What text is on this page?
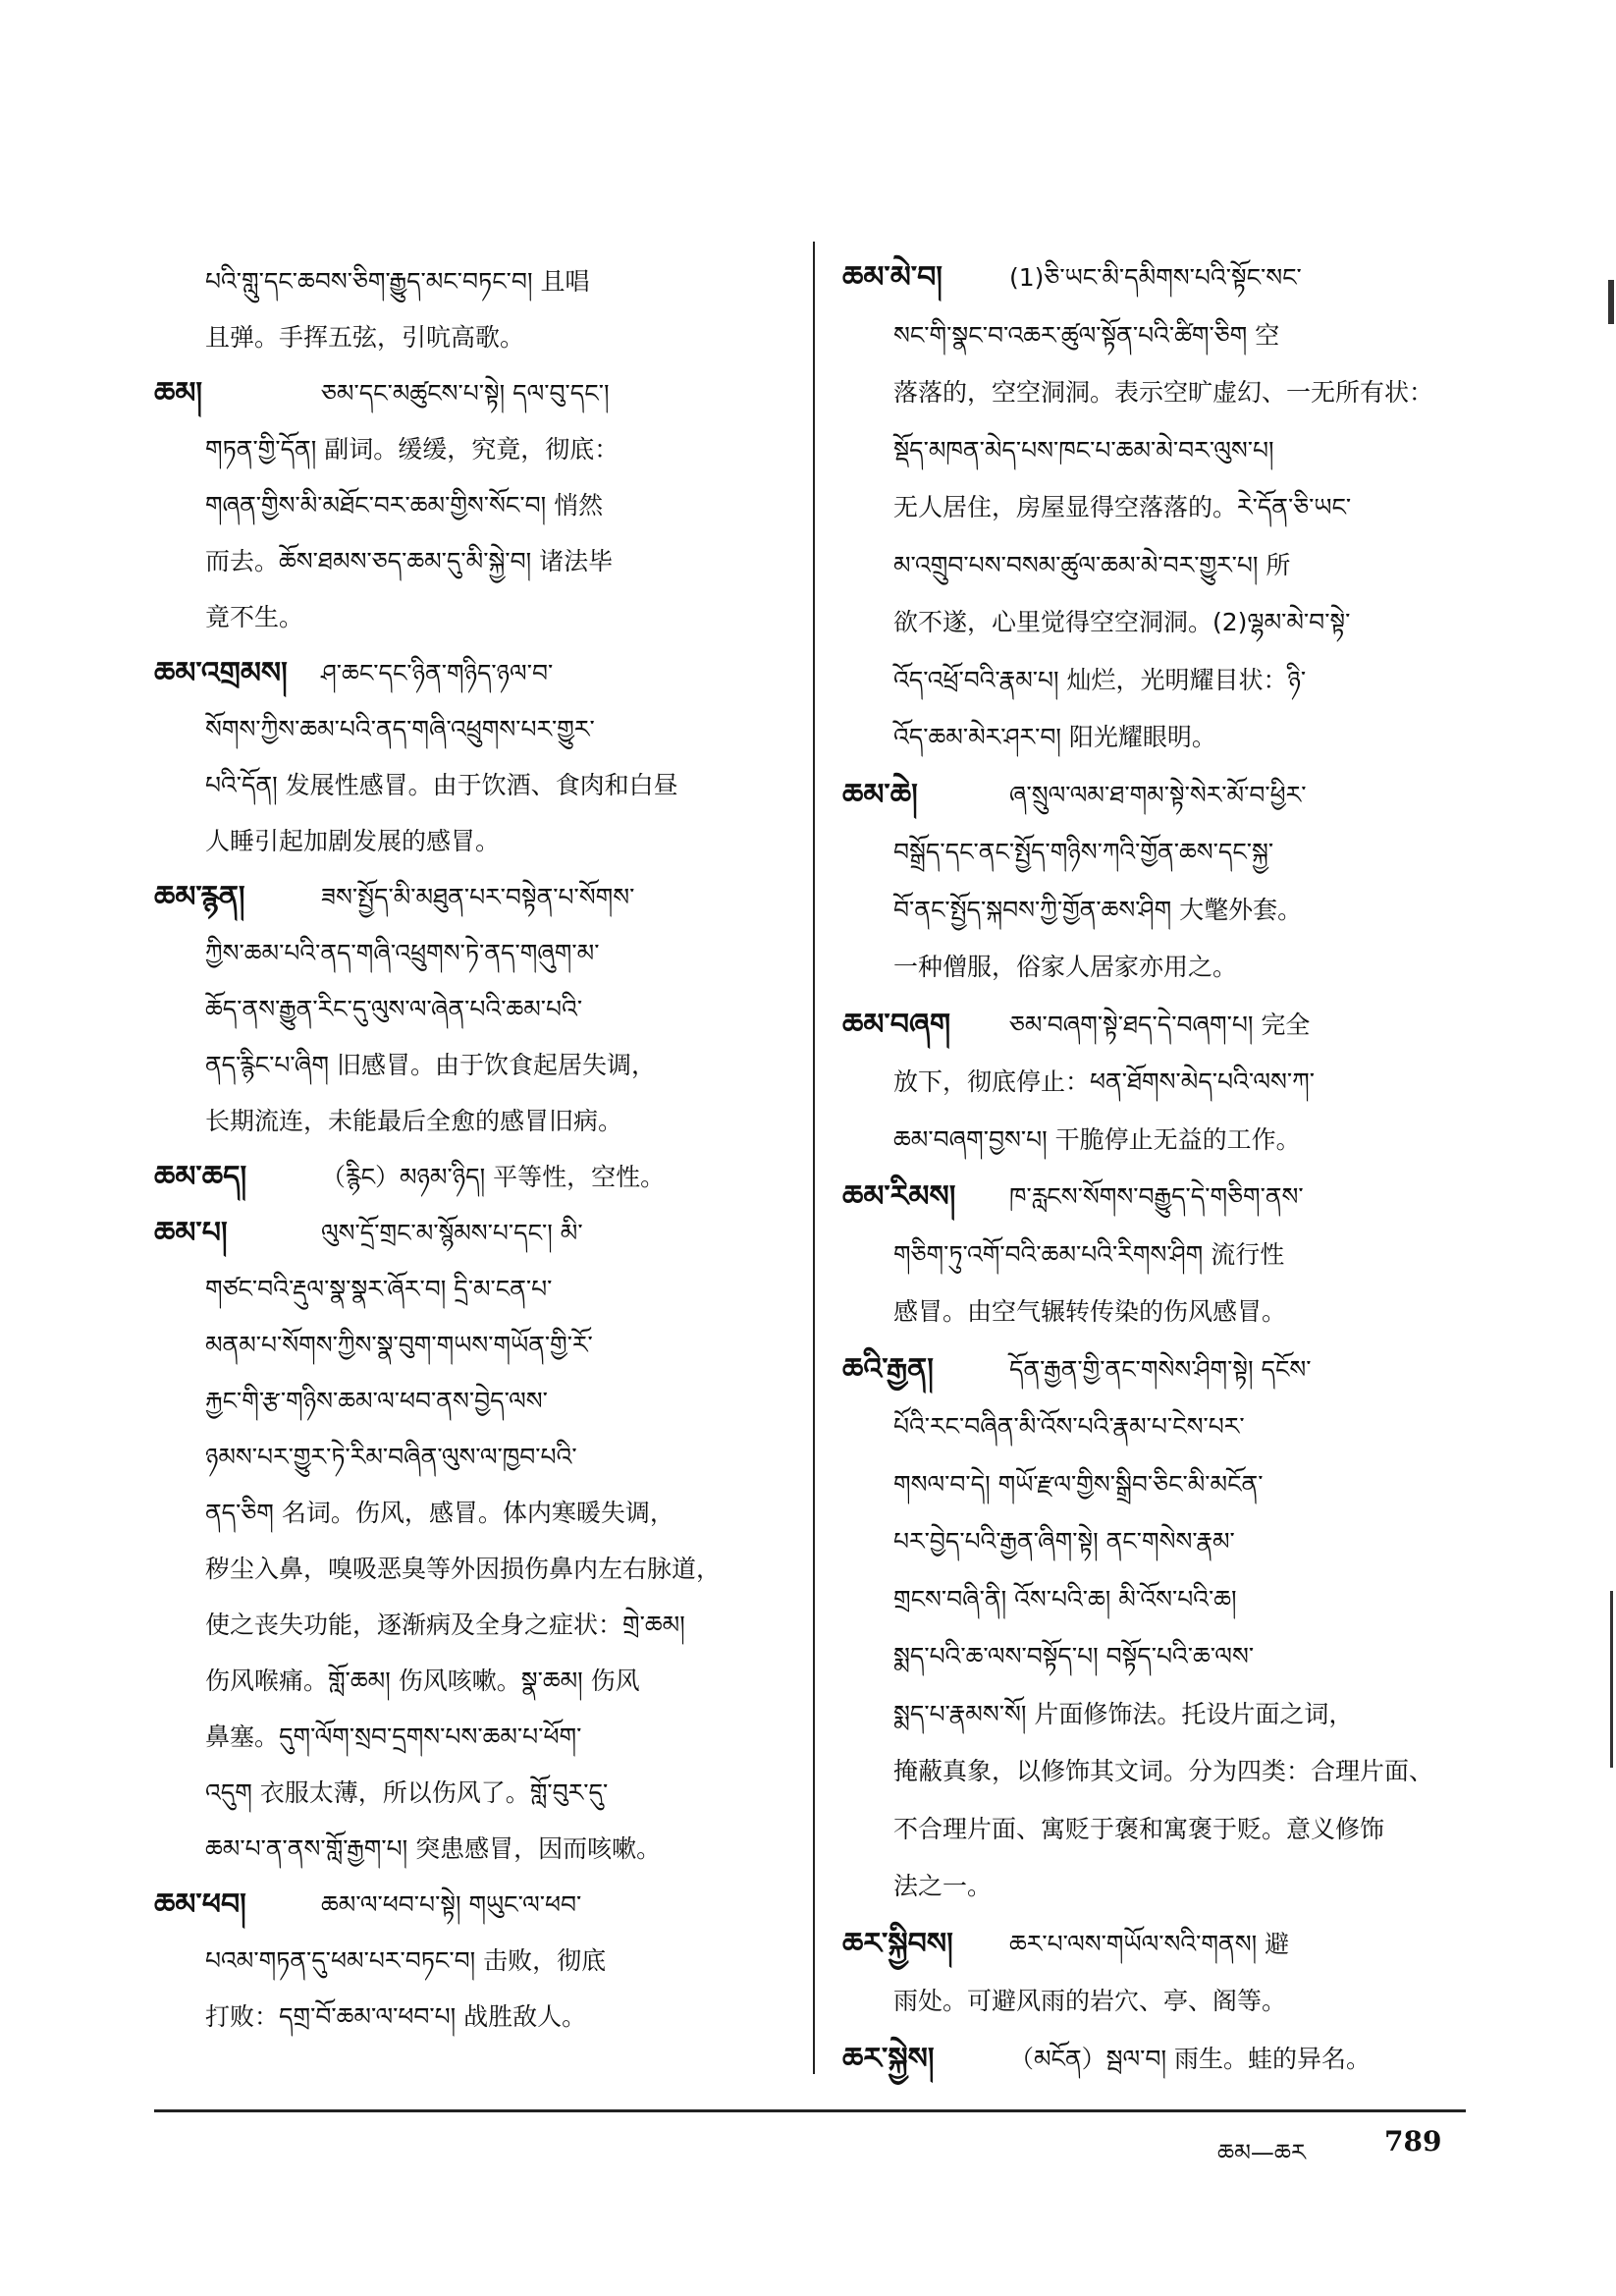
པའི་གླུ་དང་ཆབས་ཅིག་རྒྱུད་མང་བཏང་བ། 且唱
且弹。手挥五弦，引吭高歌。
ཆམ།	ཅམ་དང་མཚུངས་པ་སྟེ། དལ་བུ་དང་།
གཏན་གྱི་དོན། 副词。缓缓，究竟，彻底：
གཞན་གྱིས་མི་མཐོང་བར་ཆམ་གྱིས་སོང་བ། 悄然
而去。ཆོས་ཐམས་ཅད་ཆམ་དུ་མི་སྐྱེ་བ། 诸法毕
竟不生。
ཆམ་འགྲམས།	ཤ་ཆང་དང་ཉིན་གཉིད་ཉལ་བ་
སོགས་ཀྱིས་ཆམ་པའི་ནད་གཞི་འཕྲུགས་པར་གྱུར་
པའི་དོན། 发展性感冒。由于饮酒、食肉和白昼
人睡引起加剧发展的感冒。
ཆམ་རྙན།	ཟས་སྤྱོད་མི་མཐུན་པར་བསྟེན་པ་སོགས་
ཀྱིས་ཆམ་པའི་ནད་གཞི་འཕྲུགས་ཏེ་ནད་གཞུག་མ་
ཆོད་ནས་རྒྱུན་རིང་དུ་ལུས་ལ་ཞེན་པའི་ཆམ་པའི་
ནད་རྙིང་པ་ཞིག 旧感冒。由于饮食起居失调，
长期流连，未能最后全愈的感冒旧病。
ཆམ་ཆད།	（རྙིང）མཉམ་ཉིད། 平等性，空性。
ཆམ་པ།	ལུས་དྲོ་གྲང་མ་སྙོམས་པ་དང་། མི་
གཙང་བའི་རྡུལ་སྣ་སྣར་ཞོར་བ། དྲི་མ་ངན་པ་
མནམ་པ་སོགས་ཀྱིས་སྣ་བུག་གཡས་གཡོན་གྱི་རོ་
རྐྱང་གི་རྩ་གཉིས་ཆམ་ལ་ཕབ་ནས་བྱེད་ལས་
ཉམས་པར་གྱུར་ཏེ་རིམ་བཞིན་ལུས་ལ་ཁྱབ་པའི་
ནད་ཅིག 名词。伤风，感冒。体内寒暖失调，
秽尘入鼻，嗅吸恶臭等外因损伤鼻内左右脉道，
使之丧失功能，逐渐病及全身之症状：གྲེ་ཆམ།
伤风喉痛。གློ་ཆམ། 伤风咳嗽。སྣ་ཆམ། 伤风
鼻塞。དུག་ལོག་སྲབ་དྲགས་པས་ཆམ་པ་ཕོག་
འདུག 衣服太薄，所以伤风了。གློ་བུར་དུ་
ཆམ་པ་ན་ནས་གློ་རྒྱག་པ། 突患感冒，因而咳嗽。
ཆམ་ཕབ།	ཆམ་ལ་ཕབ་པ་སྟེ། གཡུང་ལ་ཕབ་
པའམ་གཏན་དུ་ཕམ་པར་བཏང་བ། 击败，彻底
打败：དགྲ་བོ་ཆམ་ལ་ཕབ་པ། 战胜敌人。
ཆམ་མེ་བ།	(1)ཅི་ཡང་མི་དམིགས་པའི་སྟོང་སང་
སང་གི་སྣང་བ་འཆར་ཚུལ་སྟོན་པའི་ཚིག་ཅིག 空
落落的，空空洞洞。表示空旷虚幻、一无所有状：
སྡོད་མཁན་མེད་པས་ཁང་པ་ཆམ་མེ་བར་ལུས་པ།
无人居住，房屋显得空落落的。རེ་དོན་ཅི་ཡང་
མ་འགྲུབ་པས་བསམ་ཚུལ་ཆམ་མེ་བར་གྱུར་པ། 所
欲不遂，心里觉得空空洞洞。(2)ལྷམ་མེ་བ་སྟེ་
འོད་འཕྲོ་བའི་རྣམ་པ། 灿烂，光明耀目状：ཉི་
འོད་ཆམ་མེར་ཤར་བ། 阳光耀眼明。
ཆམ་ཆེ།	ཞ་སྲུལ་ལམ་ཐ་གམ་སྟེ་སེར་མོ་བ་ཕྱིར་
བསྒྲོད་དང་ནང་སྤྱོད་གཉིས་ཀའི་གྱོན་ཆས་དང་སྐྱ་
བོ་ནང་སྤྱོད་སྐབས་ཀྱི་གྱོན་ཆས་ཤིག 大氅外套。
一种僧服，俗家人居家亦用之。
ཆམ་བཞག	ཅམ་བཞག་སྟེ་ཐད་དེ་བཞག་པ། 完全
放下，彻底停止：ཕན་ཐོགས་མེད་པའི་ལས་ཀ་
ཆམ་བཞག་བྱས་པ། 干脆停止无益的工作。
ཆམ་རིམས།	ཁ་རླངས་སོགས་བརྒྱུད་དེ་གཅིག་ནས་
གཅིག་ཏུ་འགོ་བའི་ཆམ་པའི་རིགས་ཤིག 流行性
感冒。由空气辗转传染的伤风感冒。
ཆའི་རྒྱན།	དོན་རྒྱན་གྱི་ནང་གསེས་ཤིག་སྟེ། དངོས་
པོའི་རང་བཞིན་མི་འོས་པའི་རྣམ་པ་ངེས་པར་
གསལ་བ་དེ། གཡོ་རྫལ་གྱིས་སྒྲིབ་ཅིང་མི་མངོན་
པར་བྱེད་པའི་རྒྱན་ཞིག་སྟེ། ནང་གསེས་རྣམ་
གྲངས་བཞི་ནི། འོས་པའི་ཆ། མི་འོས་པའི་ཆ།
སྨད་པའི་ཆ་ལས་བསྟོད་པ། བསྟོད་པའི་ཆ་ལས་
སྨད་པ་རྣམས་སོ། 片面修饰法。托设片面之词，
掩蔽真象，以修饰其文词。分为四类：合理片面、
不合理片面、寓贬于褒和寓褒于贬。意义修饰
法之一。
ཆར་སྐྱིབས།	ཆར་པ་ལས་གཡོལ་སའི་གནས། 避
雨处。可避风雨的岩穴、亭、阁等。
ཆར་སྐྱེས།	（མངོན）སྦལ་བ། 雨生。蛙的异名。
ཆམ—ཆར	789
